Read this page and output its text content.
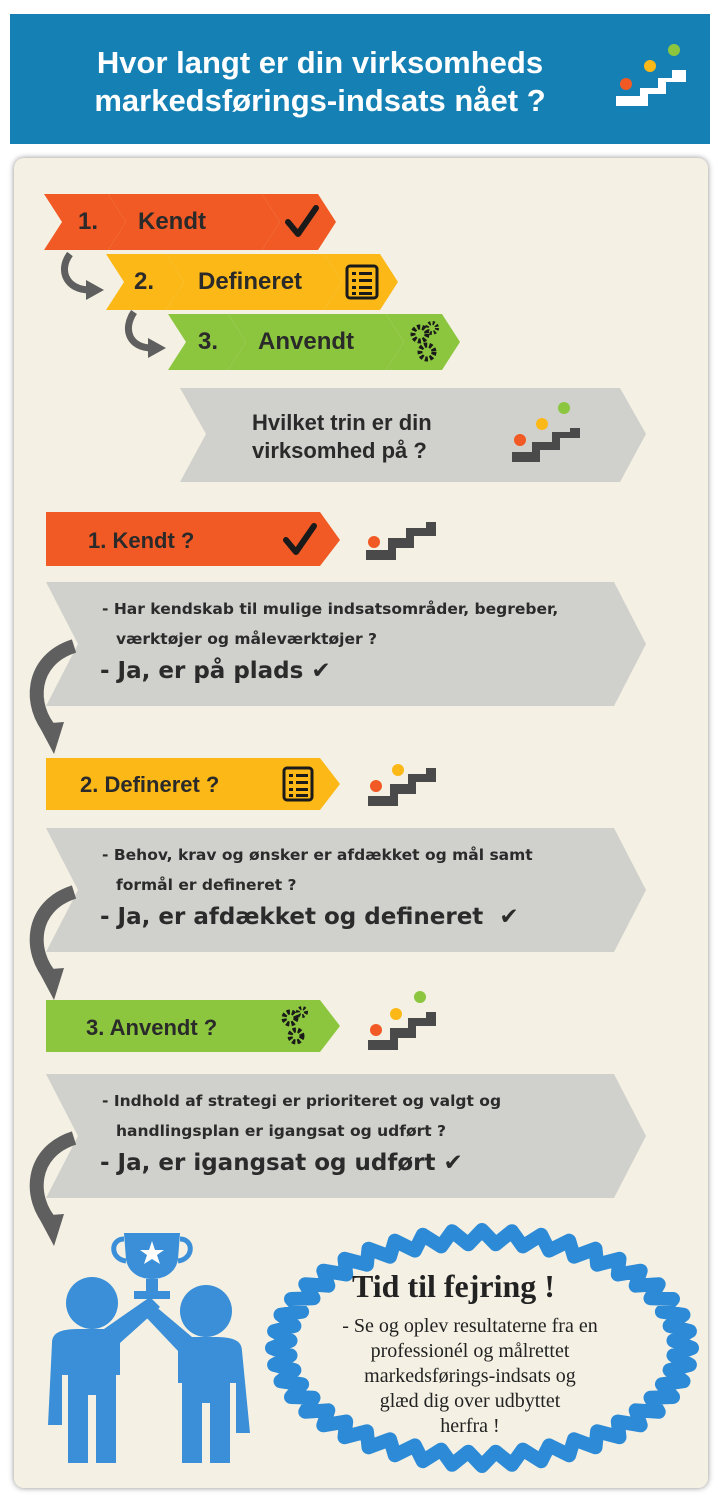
Hvor langt er din virksomheds
markedsførings-indsats nået ?
1. Kendt
2. Defineret
3. Anvendt
Hvilket trin er din
virksomhed på ?
1. Kendt ?
- Har kendskab til mulige indsatsområder, begreber,
værktøjer og måleværktøjer ?
- Ja, er på plads ✔
2. Defineret ?
- Behov, krav og ønsker er afdækket og mål samt
formål er defineret ?
- Ja, er afdækket og defineret ✔
3. Anvendt ?
- Indhold af strategi er prioriteret og valgt og
handlingsplan er igangsat og udført ?
- Ja, er igangsat og udført ✔
Tid til fejring !
- Se og oplev resultaterne fra en
professionél og målrettet
markedsførings-indsats og
glæd dig over udbyttet
herfra !
